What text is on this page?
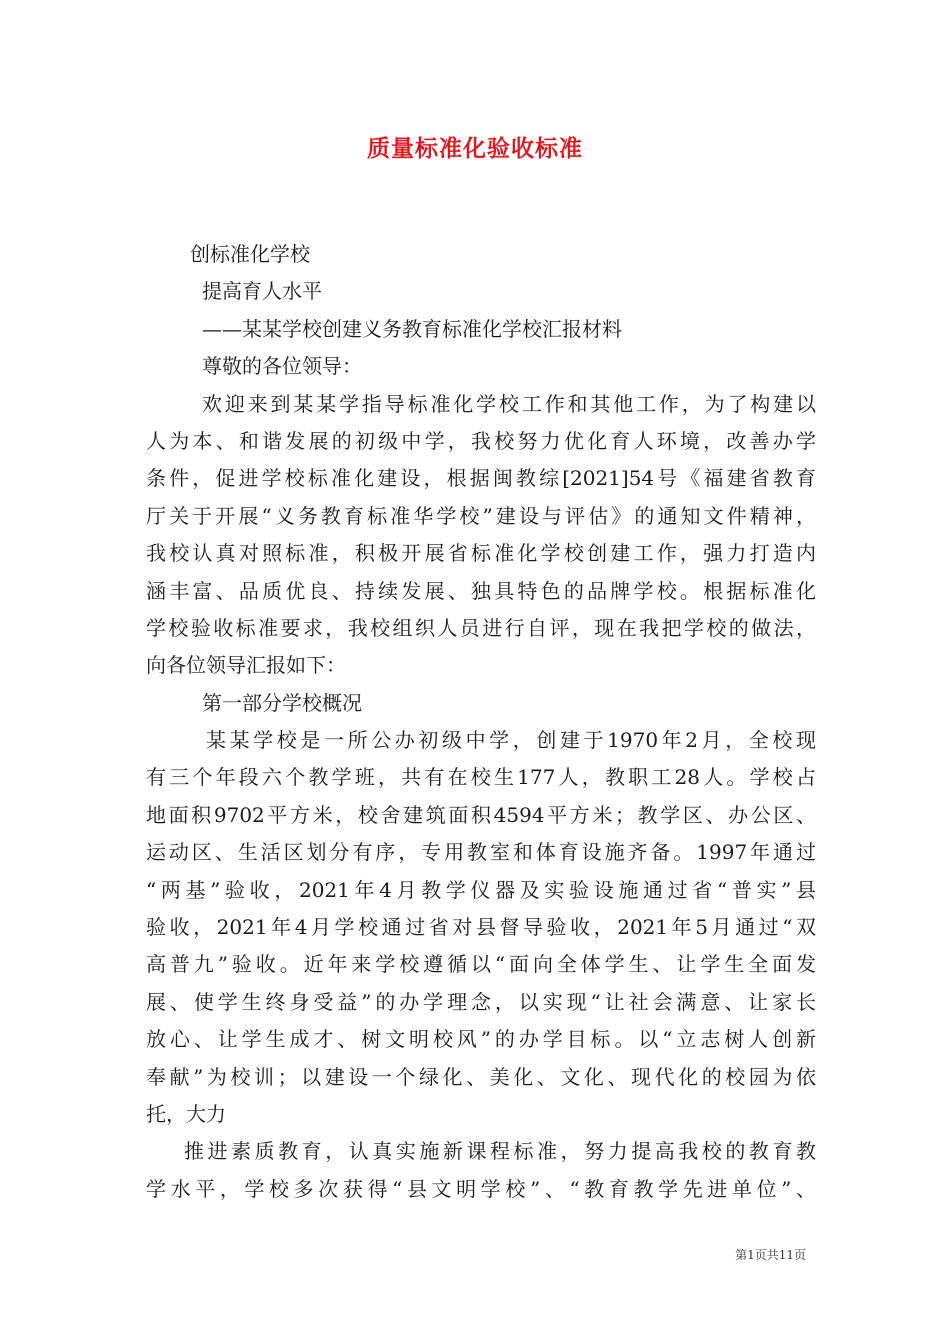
质量标准化验收标准
创标准化学校
提高育人水平
——某某学校创建义务教育标准化学校汇报材料
尊敬的各位领导：
欢迎来到某某学指导标准化学校工作和其他工作，为了构建以
人为本、和谐发展的初级中学，我校努力优化育人环境，改善办学
条件，促进学校标准化建设，根据闽教综[2021]54号《福建省教育
厅关于开展“义务教育标准华学校”建设与评估》的通知文件精神，
我校认真对照标准，积极开展省标准化学校创建工作，强力打造内
涵丰富、品质优良、持续发展、独具特色的品牌学校。根据标准化
学校验收标准要求，我校组织人员进行自评，现在我把学校的做法，
向各位领导汇报如下：
第一部分学校概况
某某学校是一所公办初级中学，创建于1970年2月，全校现
有三个年段六个教学班，共有在校生177人，教职工28人。学校占
地面积9702平方米，校舍建筑面积4594平方米；教学区、办公区、
运动区、生活区划分有序，专用教室和体育设施齐备。1997年通过
“两基”验收，2021年4月教学仪器及实验设施通过省“普实”县
验收，2021年4月学校通过省对县督导验收，2021年5月通过“双
高普九”验收。近年来学校遵循以“面向全体学生、让学生全面发
展、使学生终身受益”的办学理念，以实现“让社会满意、让家长
放心、让学生成才、树文明校风”的办学目标。以“立志树人创新
奉献”为校训；以建设一个绿化、美化、文化、现代化的校园为依
托，大力
推进素质教育，认真实施新课程标准，努力提高我校的教育教
学水平，学校多次获得“县文明学校”、“教育教学先进单位”、
第1页共11页
